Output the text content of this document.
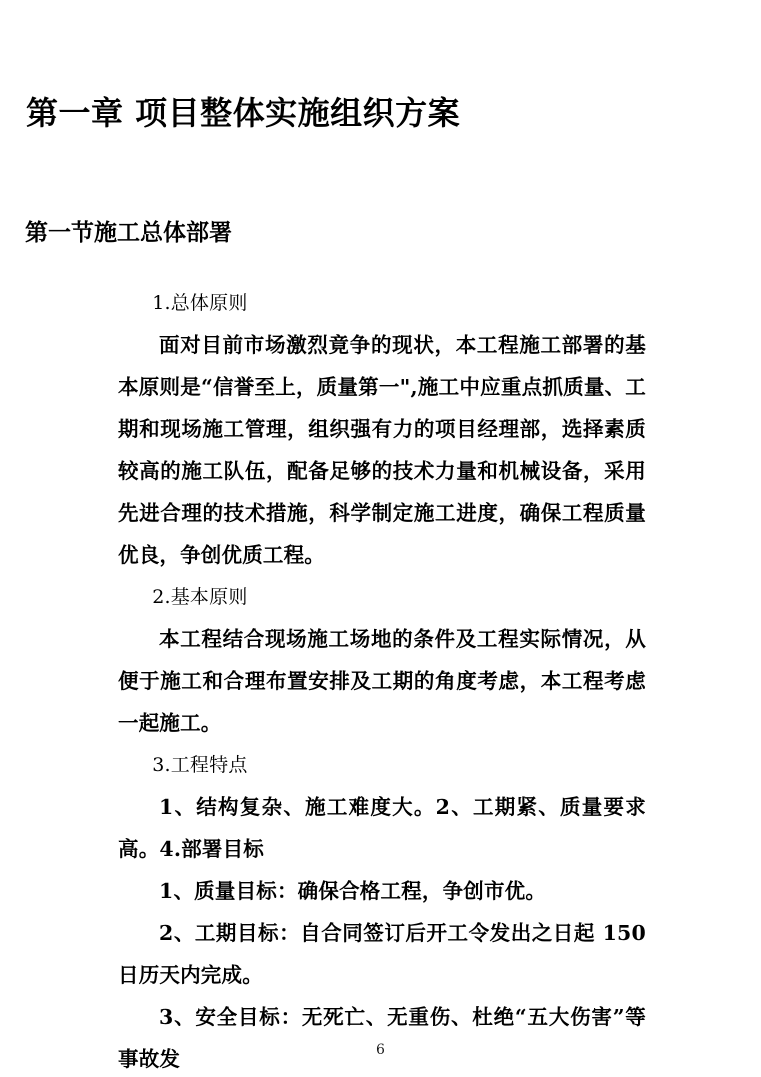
第一章 项目整体实施组织方案
第一节施工总体部署

1.总体原则

面对目前市场激烈竟争的现状，本工程施工部署的基本原则是“信誉至上，质量第一",施工中应重点抓质量、工期和现场施工管理，组织强有力的项目经理部，选择素质较高的施工队伍，配备足够的技术力量和机械设备，采用先进合理的技术措施，科学制定施工进度，确保工程质量优良，争创优质工程。

2.基本原则

本工程结合现场施工场地的条件及工程实际情况，从便于施工和合理布置安排及工期的角度考虑，本工程考虑一起施工。

3.工程特点

1、结构复杂、施工难度大。2、工期紧、质量要求高。4.部署目标

1、质量目标：确保合格工程，争创市优。

2、工期目标：自合同签订后开工令发出之日起 150 日历天内完成。

3、安全目标：无死亡、无重伤、杜绝“五大伤害”等事故发	6
